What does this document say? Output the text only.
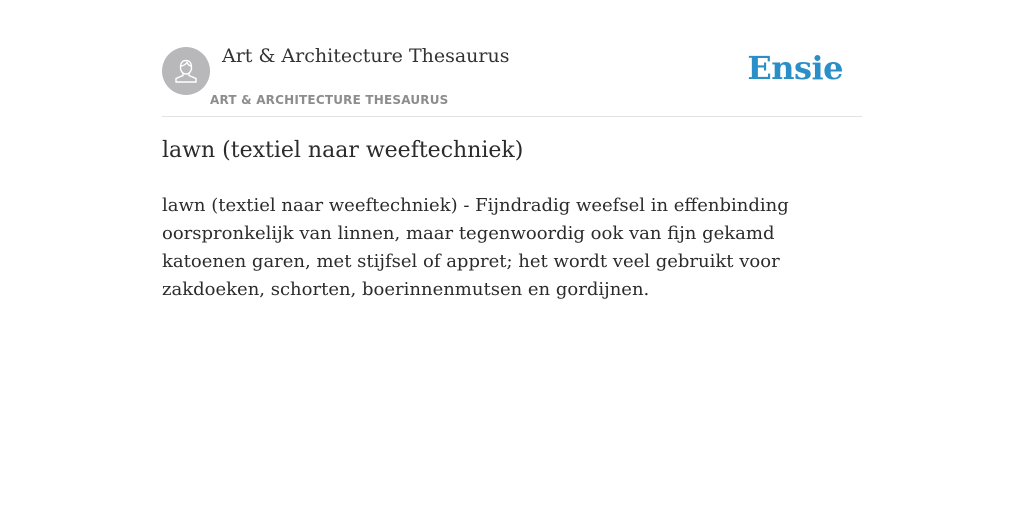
Art & Architecture Thesaurus
ART & ARCHITECTURE THESAURUS
Ensie
lawn (textiel naar weeftechniek)

lawn (textiel naar weeftechniek) - Fijndradig weefsel in effenbinding oorspronkelijk van linnen, maar tegenwoordig ook van fijn gekamd katoenen garen, met stijfsel of appret; het wordt veel gebruikt voor zakdoeken, schorten, boerinnenmutsen en gordijnen.
